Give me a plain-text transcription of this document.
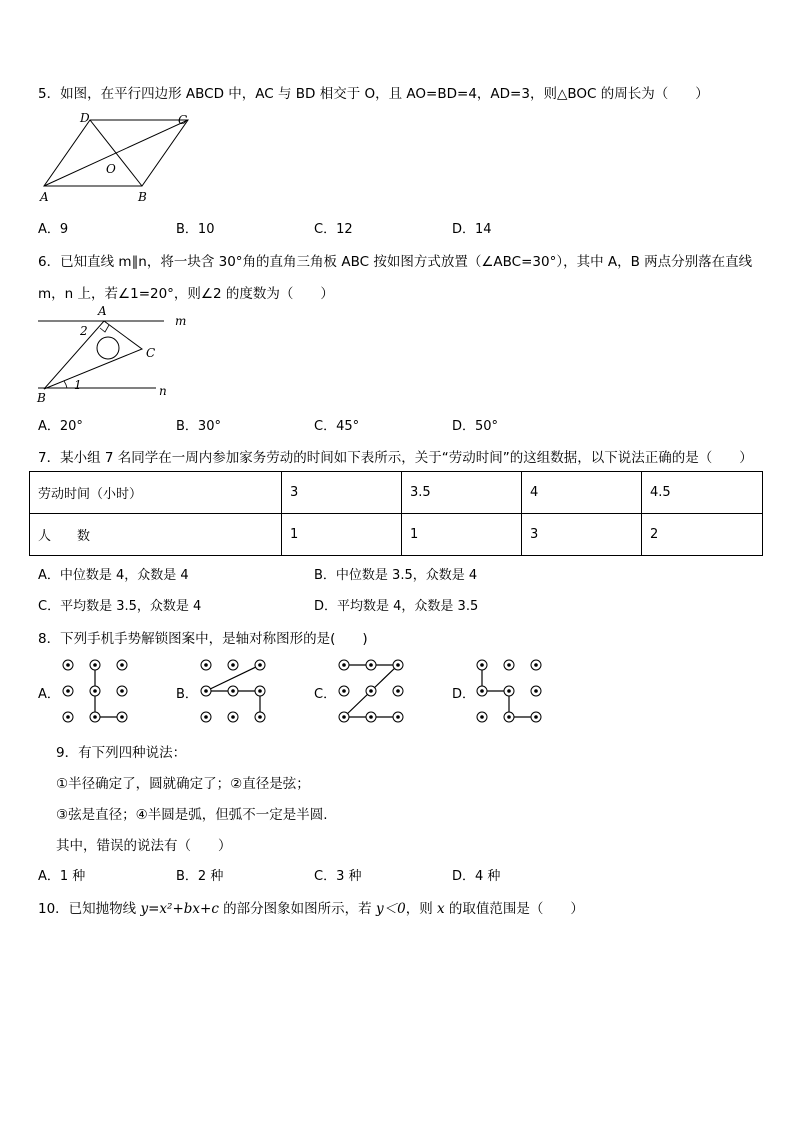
5．如图，在平行四边形 ABCD 中，AC 与 BD 相交于 O，且 AO=BD=4，AD=3，则△BOC 的周长为（　　）
D	C
A	B
O
A．9	B．10	C．12	D．14
6．已知直线 m∥n，将一块含 30°角的直角三角板 ABC 按如图方式放置（∠ABC=30°），其中 A，B 两点分别落在直线
m，n 上，若∠1=20°，则∠2 的度数为（　　）
A
C
B
m
n
2
1
A．20°	B．30°	C．45°	D．50°
7．某小组 7 名同学在一周内参加家务劳动的时间如下表所示，关于“劳动时间”的这组数据，以下说法正确的是（　　）
劳动时间（小时）	3	3.5	4	4.5
人　　数	1	1	3	2
A．中位数是 4，众数是 4	B．中位数是 3.5，众数是 4
C．平均数是 3.5，众数是 4	D．平均数是 4，众数是 3.5
8．下列手机手势解锁图案中，是轴对称图形的是(　　)
A．	B．	C．	D．
9．有下列四种说法：
①半径确定了，圆就确定了；②直径是弦；
③弦是直径；④半圆是弧，但弧不一定是半圆.
其中，错误的说法有（　　）
A．1 种	B．2 种	C．3 种	D．4 种
10．已知抛物线 y=x²+bx+c 的部分图象如图所示，若 y＜0，则 x 的取值范围是（　　）
